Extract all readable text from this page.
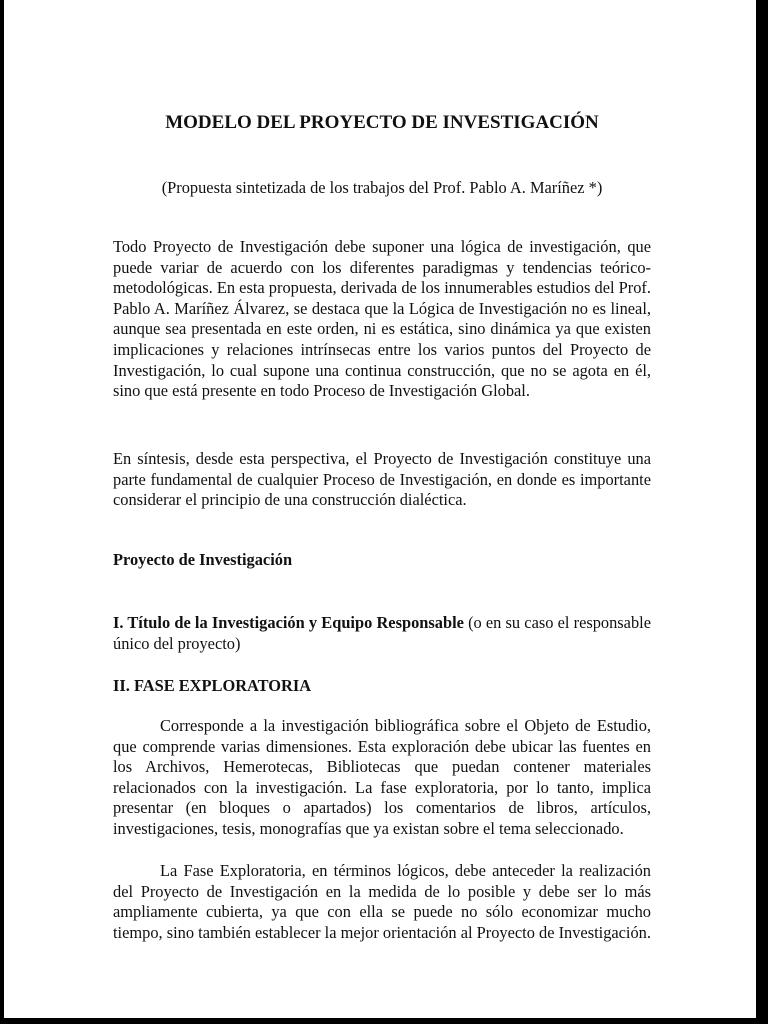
MODELO DEL PROYECTO DE INVESTIGACIÓN

(Propuesta sintetizada de los trabajos del Prof. Pablo A. Maríñez *)

Todo Proyecto de Investigación debe suponer una lógica de investigación, que puede variar de acuerdo con los diferentes paradigmas y tendencias teórico-metodológicas. En esta propuesta, derivada de los innumerables estudios del Prof. Pablo A. Maríñez Álvarez, se destaca que la Lógica de Investigación no es lineal, aunque sea presentada en este orden, ni es estática, sino dinámica ya que existen implicaciones y relaciones intrínsecas entre los varios puntos del Proyecto de Investigación, lo cual supone una continua construcción, que no se agota en él, sino que está presente en todo Proceso de Investigación Global.

En síntesis, desde esta perspectiva, el Proyecto de Investigación constituye una parte fundamental de cualquier Proceso de Investigación, en donde es importante considerar el principio de una construcción dialéctica.

Proyecto de Investigación

I. Título de la Investigación y Equipo Responsable (o en su caso el responsable único del proyecto)

II. FASE EXPLORATORIA

Corresponde a la investigación bibliográfica sobre el Objeto de Estudio, que comprende varias dimensiones. Esta exploración debe ubicar las fuentes en los Archivos, Hemerotecas, Bibliotecas que puedan contener materiales relacionados con la investigación. La fase exploratoria, por lo tanto, implica presentar (en bloques o apartados) los comentarios de libros, artículos, investigaciones, tesis, monografías que ya existan sobre el tema seleccionado.

La Fase Exploratoria, en términos lógicos, debe anteceder la realización del Proyecto de Investigación en la medida de lo posible y debe ser lo más ampliamente cubierta, ya que con ella se puede no sólo economizar mucho tiempo, sino también establecer la mejor orientación al Proyecto de Investigación.
